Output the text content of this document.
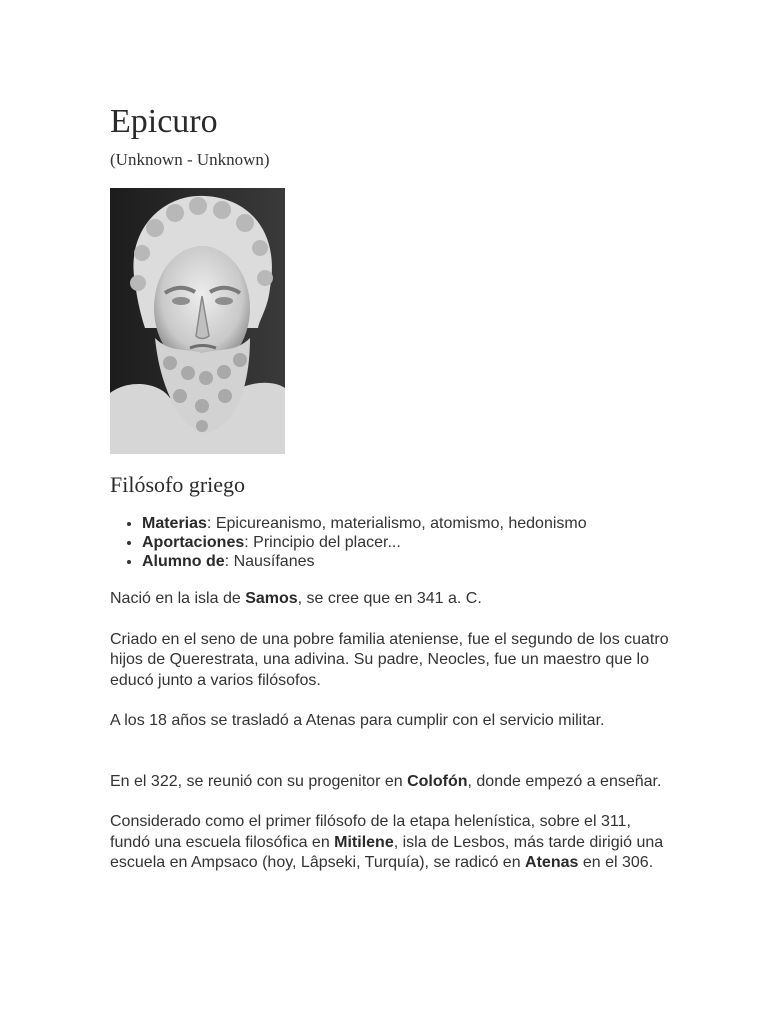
Epicuro
(Unknown - Unknown)
Filósofo griego
• Materias: Epicureanismo, materialismo, atomismo, hedonismo
• Aportaciones: Principio del placer...
• Alumno de: Nausífanes

Nació en la isla de Samos, se cree que en 341 a. C.

Criado en el seno de una pobre familia ateniense, fue el segundo de los cuatro hijos de Querestrata, una adivina. Su padre, Neocles, fue un maestro que lo educó junto a varios filósofos.

A los 18 años se trasladó a Atenas para cumplir con el servicio militar.

En el 322, se reunió con su progenitor en Colofón, donde empezó a enseñar.

Considerado como el primer filósofo de la etapa helenística, sobre el 311, fundó una escuela filosófica en Mitilene, isla de Lesbos, más tarde dirigió una escuela en Ampsaco (hoy, Lâpseki, Turquía), se radicó en Atenas en el 306.
